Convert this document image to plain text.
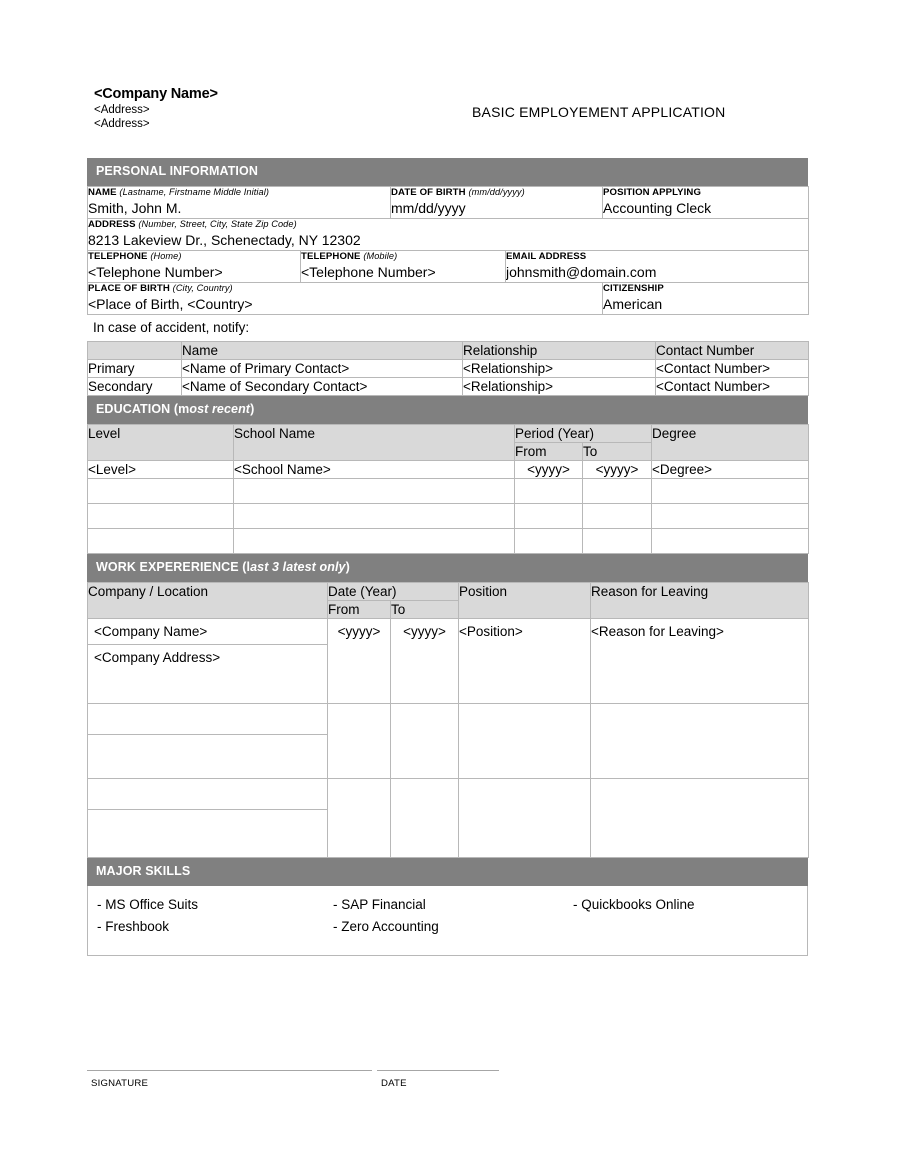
<Company Name>
<Address>
<Address>
BASIC EMPLOYEMENT APPLICATION
PERSONAL INFORMATION
NAME (Lastname, Firstname Middle Initial)
Smith, John M.

DATE OF BIRTH (mm/dd/yyyy)
mm/dd/yyyy

POSITION APPLYING
Accounting Cleck

ADDRESS (Number, Street, City, State Zip Code)
8213 Lakeview Dr., Schenectady, NY 12302				

TELEPHONE (Home)
<Telephone Number>

TELEPHONE (Mobile)
<Telephone Number>

EMAIL ADDRESS
johnsmith@domain.com

PLACE OF BIRTH (City, Country)
<Place of Birth, <Country>

CITIZENSHIP
American
In case of accident, notify:
	Name	Relationship	Contact Number
Primary	<Name of Primary Contact>	<Relationship>	<Contact Number>
Secondary	<Name of Secondary Contact>	<Relationship>	<Contact Number>
EDUCATION (most recent)
Level	School Name	Period (Year)		Degree
		From	To	
<Level>	<School Name>	<yyyy>	<yyyy>	<Degree>

WORK EXPERERIENCE (last 3 latest only)
Company / Location	Date (Year)		Position	Reason for Leaving
	From	To		

<Company Name>
<Company Address>	<yyyy>	<yyyy>	<Position>	<Reason for Leaving>

MAJOR SKILLS
- MS Office Suits
- Freshbook
- SAP Financial
- Zero Accounting
- Quickbooks Online
SIGNATURE	DATE
